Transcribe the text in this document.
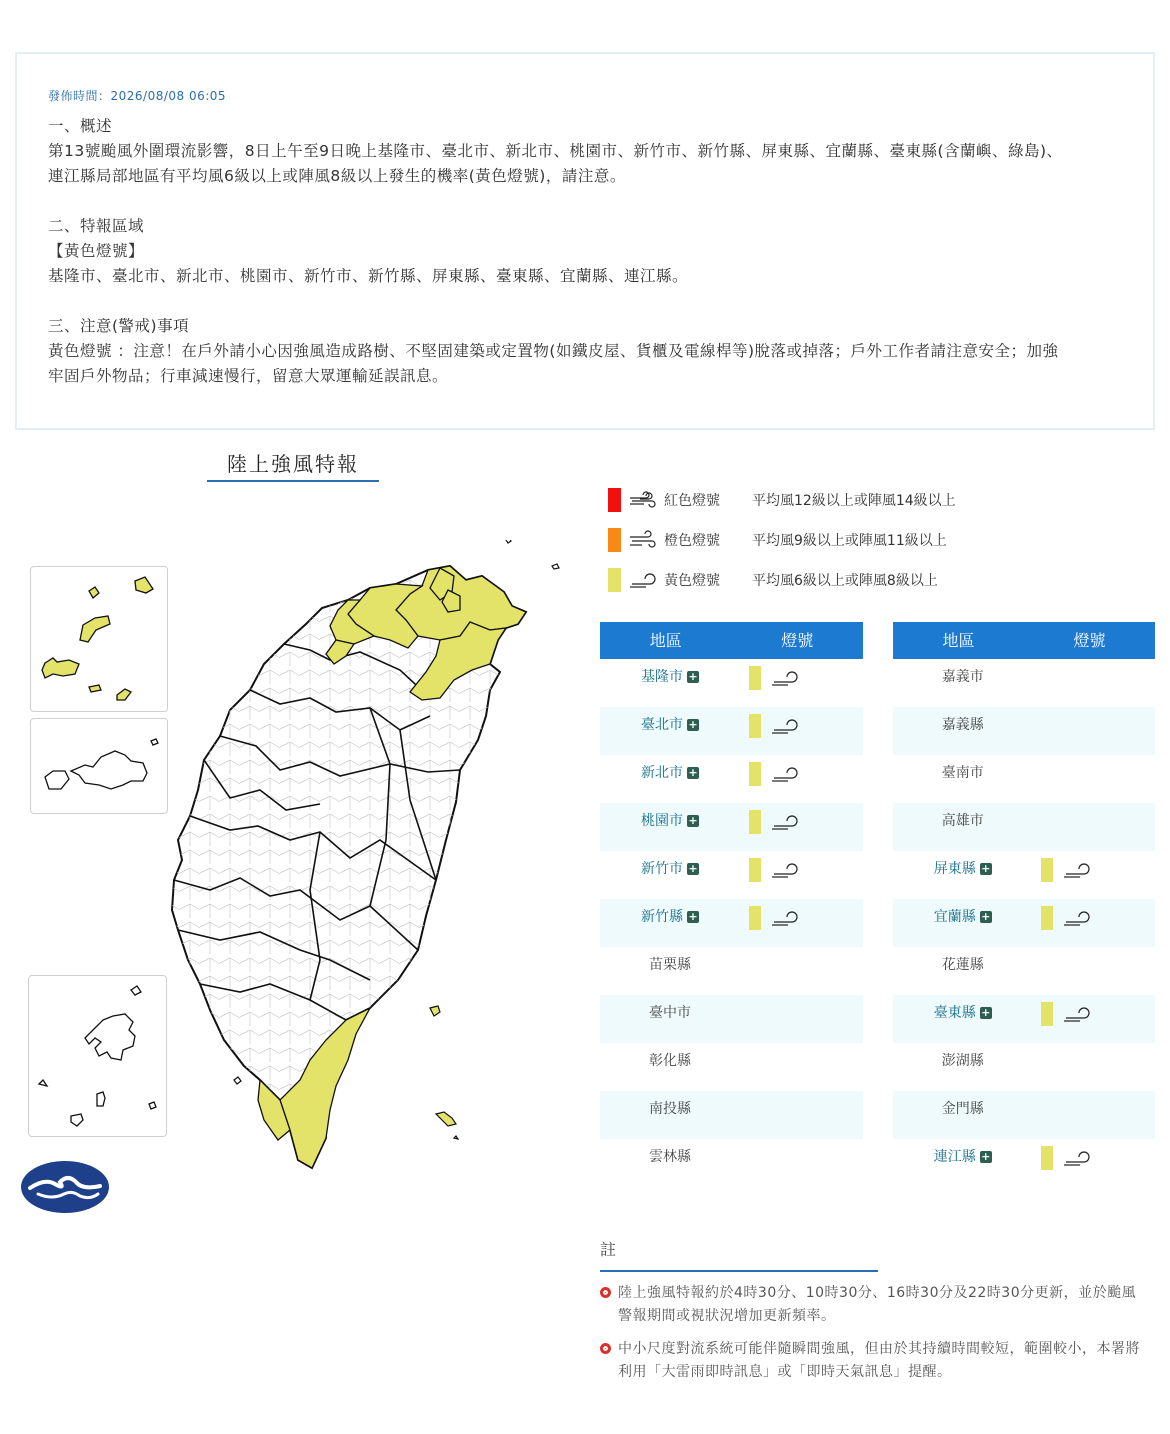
發佈時間：2026/08/08 06:05

一、概述

第13號颱風外圍環流影響，8日上午至9日晚上基隆市、臺北市、新北市、桃園市、新竹市、新竹縣、屏東縣、宜蘭縣、臺東縣(含蘭嶼、綠島)、

連江縣局部地區有平均風6級以上或陣風8級以上發生的機率(黃色燈號)，請注意。

二、特報區域

【黃色燈號】

基隆市、臺北市、新北市、桃園市、新竹市、新竹縣、屏東縣、臺東縣、宜蘭縣、連江縣。

三、注意(警戒)事項

黃色燈號 ：注意！在戶外請小心因強風造成路樹、不堅固建築或定置物(如鐵皮屋、貨櫃及電線桿等)脫落或掉落；戶外工作者請注意安全；加強

牢固戶外物品；行車減速慢行，留意大眾運輸延誤訊息。

陸上強風特報
紅色燈號 平均風12級以上或陣風14級以上
橙色燈號 平均風9級以上或陣風11級以上
黃色燈號 平均風6級以上或陣風8級以上
地區	燈號
基隆市 +
臺北市 +
新北市 +
桃園市 +
新竹市 +
新竹縣 +
苗栗縣
臺中市
彰化縣
南投縣
雲林縣
地區	燈號
嘉義市
嘉義縣
臺南市
高雄市
屏東縣 +
宜蘭縣 +
花蓮縣
臺東縣 +
澎湖縣
金門縣
連江縣 +
註
陸上強風特報約於4時30分、10時30分、16時30分及22時30分更新，並於颱風警報期間或視狀況增加更新頻率。
中小尺度對流系統可能伴隨瞬間強風，但由於其持續時間較短，範圍較小，本署將利用「大雷雨即時訊息」或「即時天氣訊息」提醒。
